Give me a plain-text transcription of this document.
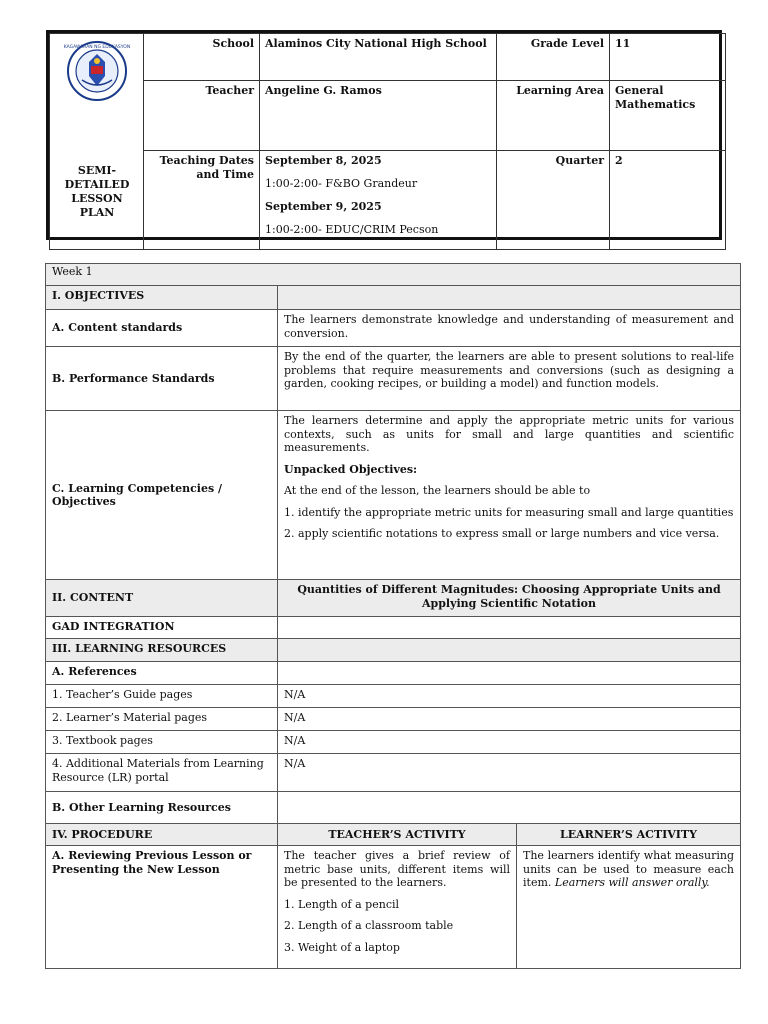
KAGAWARAN NG EDUKASYON
SEMI-
DETAILED
LESSON
PLAN	School	Alaminos City National High School	Grade Level	11
	Teacher	Angeline G. Ramos	Learning Area	General Mathematics
	Teaching Dates and Time	September 8, 2025

1:00-2:00- F&BO Grandeur

September 9, 2025

1:00-2:00- EDUC/CRIM Pecson	Quarter	2
Week 1		
I. OBJECTIVES		
A. Content standards	The learners demonstrate knowledge and understanding of measurement and conversion.	
B. Performance Standards	By the end of the quarter, the learners are able to present solutions to real-life problems that require measurements and conversions (such as designing a garden, cooking recipes, or building a model) and function models.	
C. Learning Competencies / Objectives	The learners determine and apply the appropriate metric units for various contexts, such as units for small and large quantities and scientific measurements.

Unpacked Objectives:

At the end of the lesson, the learners should be able to

1. identify the appropriate metric units for measuring small and large quantities

2. apply scientific notations to express small or large numbers and vice versa.	

II. CONTENT	Quantities of Different Magnitudes: Choosing Appropriate Units and Applying Scientific Notation	
GAD INTEGRATION		
III. LEARNING RESOURCES		
A. References		
1. Teacher’s Guide pages	N/A	
2. Learner’s Material pages	N/A	
3. Textbook pages	N/A	
4. Additional Materials from Learning Resource (LR) portal	N/A	
B. Other Learning Resources		
IV. PROCEDURE	TEACHER’S ACTIVITY	LEARNER’S ACTIVITY
A. Reviewing Previous Lesson or Presenting the New Lesson	The teacher gives a brief review of metric base units, different items will be presented to the learners.

1. Length of a pencil

2. Length of a classroom table

3. Weight of a laptop	The learners identify what measuring units can be used to measure each item. Learners will answer orally.
